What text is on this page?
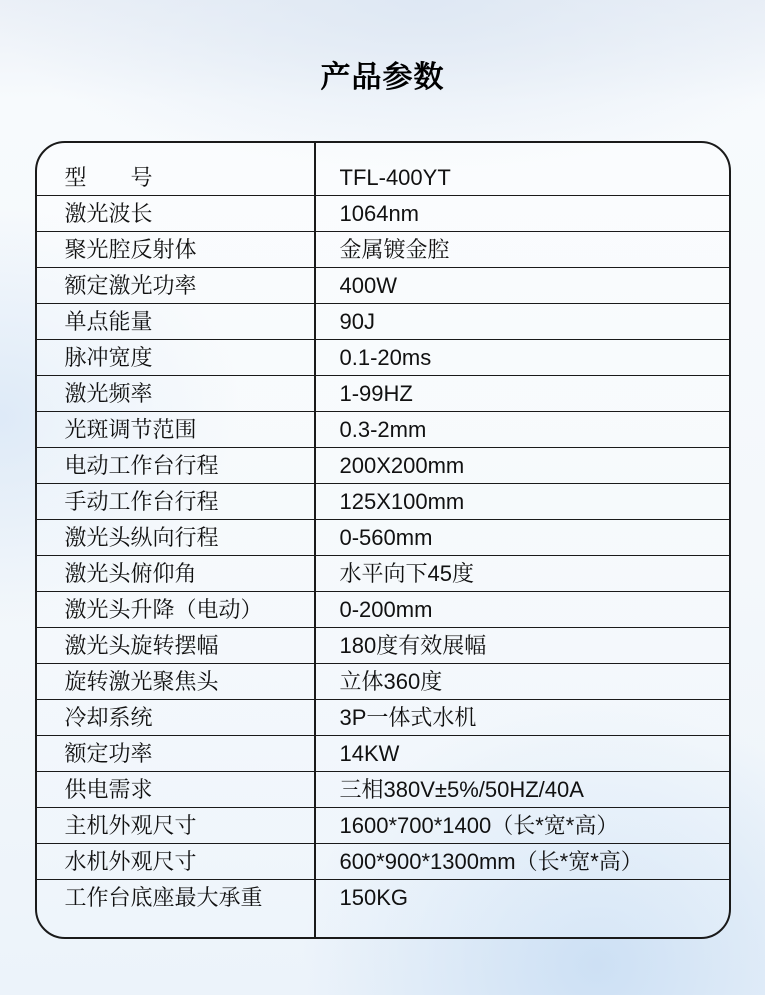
产品参数
型　　号	TFL-400YT
激光波长	1064nm
聚光腔反射体	金属镀金腔
额定激光功率	400W
单点能量	90J
脉冲宽度	0.1-20ms
激光频率	1-99HZ
光斑调节范围	0.3-2mm
电动工作台行程	200X200mm
手动工作台行程	125X100mm
激光头纵向行程	0-560mm
激光头俯仰角	水平向下45度
激光头升降（电动）	0-200mm
激光头旋转摆幅	180度有效展幅
旋转激光聚焦头	立体360度
冷却系统	3P一体式水机
额定功率	14KW
供电需求	三相380V±5%/50HZ/40A
主机外观尺寸	1600*700*1400（长*宽*高）
水机外观尺寸	600*900*1300mm（长*宽*高）
工作台底座最大承重	150KG
